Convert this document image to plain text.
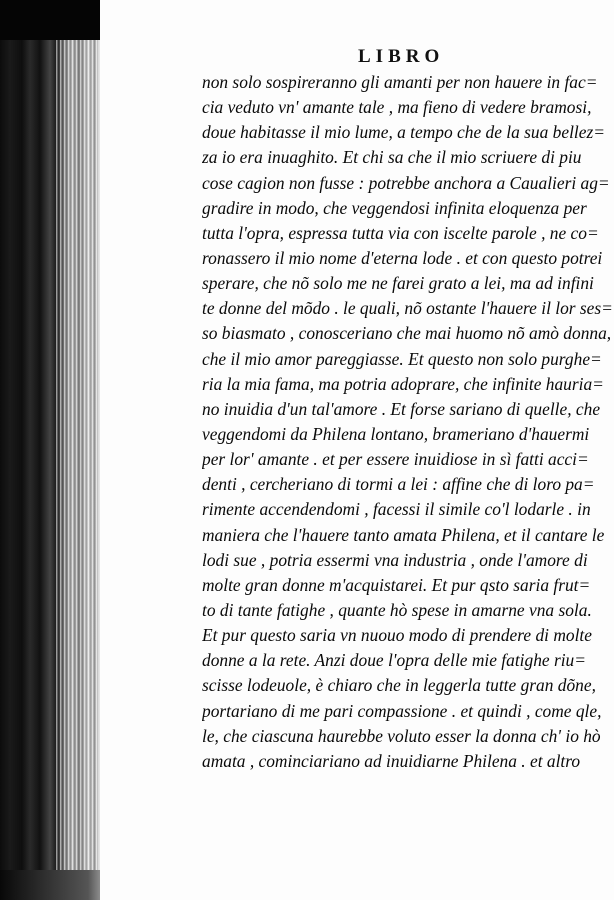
LIBRO
non solo sospireranno gli amanti per non hauere in fac=
cia veduto vn' amante tale , ma fieno di vedere bramosi,
doue habitasse il mio lume, a tempo che de la sua bellez=
za io era inuaghito. Et chi sa che il mio scriuere di piu
cose cagion non fusse : potrebbe anchora a Caualieri ag=
gradire in modo, che veggendosi infinita eloquenza per
tutta l'opra, espressa tutta via con iscelte parole , ne co=
ronassero il mio nome d'eterna lode . et con questo potrei
sperare, che nõ solo me ne farei grato a lei, ma ad infini
te donne del mõdo . le quali, nõ ostante l'hauere il lor ses=
so biasmato , conosceriano che mai huomo nõ amò donna,
che il mio amor pareggiasse. Et questo non solo purghe=
ria la mia fama, ma potria adoprare, che infinite hauria=
no inuidia d'un tal'amore . Et forse sariano di quelle, che
veggendomi da Philena lontano, brameriano d'hauermi
per lor' amante . et per essere inuidiose in sì fatti acci=
denti , cercheriano di tormi a lei : affine che di loro pa=
rimente accendendomi , facessi il simile co'l lodarle . in
maniera che l'hauere tanto amata Philena, et il cantare le
lodi sue , potria essermi vna industria , onde l'amore di
molte gran donne m'acquistarei. Et pur qsto saria frut=
to di tante fatighe , quante hò spese in amarne vna sola.
Et pur questo saria vn nuouo modo di prendere di molte
donne a la rete. Anzi doue l'opra delle mie fatighe riu=
scisse lodeuole, è chiaro che in leggerla tutte gran dõne,
portariano di me pari compassione . et quindi , come qle,
le, che ciascuna haurebbe voluto esser la donna ch' io hò
amata , cominciariano ad inuidiarne Philena . et altro
